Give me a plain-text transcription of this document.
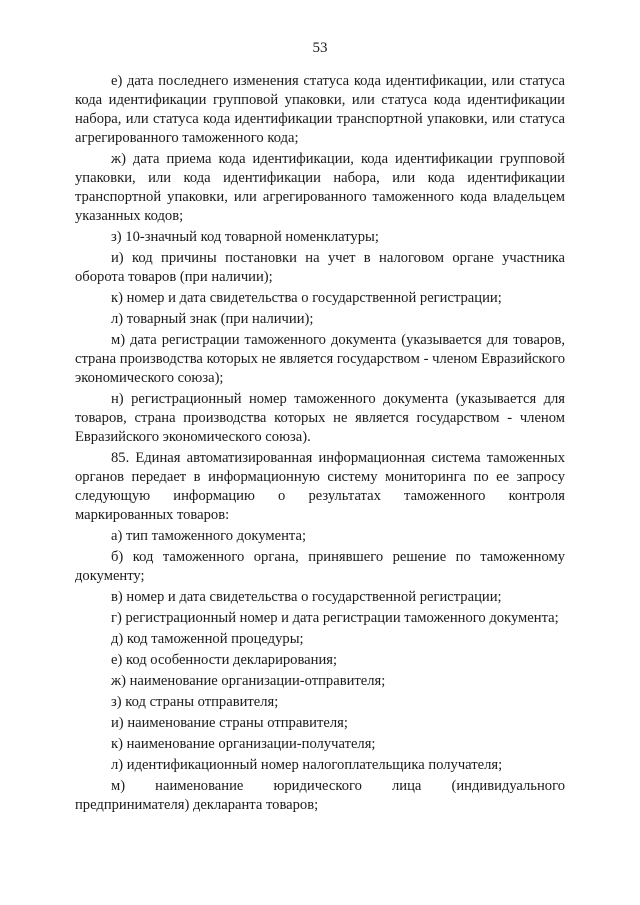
53

е) дата последнего изменения статуса кода идентификации, или статуса кода идентификации групповой упаковки, или статуса кода идентификации набора, или статуса кода идентификации транспортной упаковки, или статуса агрегированного таможенного кода;

ж) дата приема кода идентификации, кода идентификации групповой упаковки, или кода идентификации набора, или кода идентификации транспортной упаковки, или агрегированного таможенного кода владельцем указанных кодов;

з) 10-значный код товарной номенклатуры;

и) код причины постановки на учет в налоговом органе участника оборота товаров (при наличии);

к) номер и дата свидетельства о государственной регистрации;

л) товарный знак (при наличии);

м) дата регистрации таможенного документа (указывается для товаров, страна производства которых не является государством - членом Евразийского экономического союза);

н) регистрационный номер таможенного документа (указывается для товаров, страна производства которых не является государством - членом Евразийского экономического союза).

85. Единая автоматизированная информационная система таможенных органов передает в информационную систему мониторинга по ее запросу следующую информацию о результатах таможенного контроля маркированных товаров:

а) тип таможенного документа;

б) код таможенного органа, принявшего решение по таможенному документу;

в) номер и дата свидетельства о государственной регистрации;

г) регистрационный номер и дата регистрации таможенного документа;

д) код таможенной процедуры;

е) код особенности декларирования;

ж) наименование организации-отправителя;

з) код страны отправителя;

и) наименование страны отправителя;

к) наименование организации-получателя;

л) идентификационный номер налогоплательщика получателя;

м) наименование юридического лица (индивидуального предпринимателя) декларанта товаров;
